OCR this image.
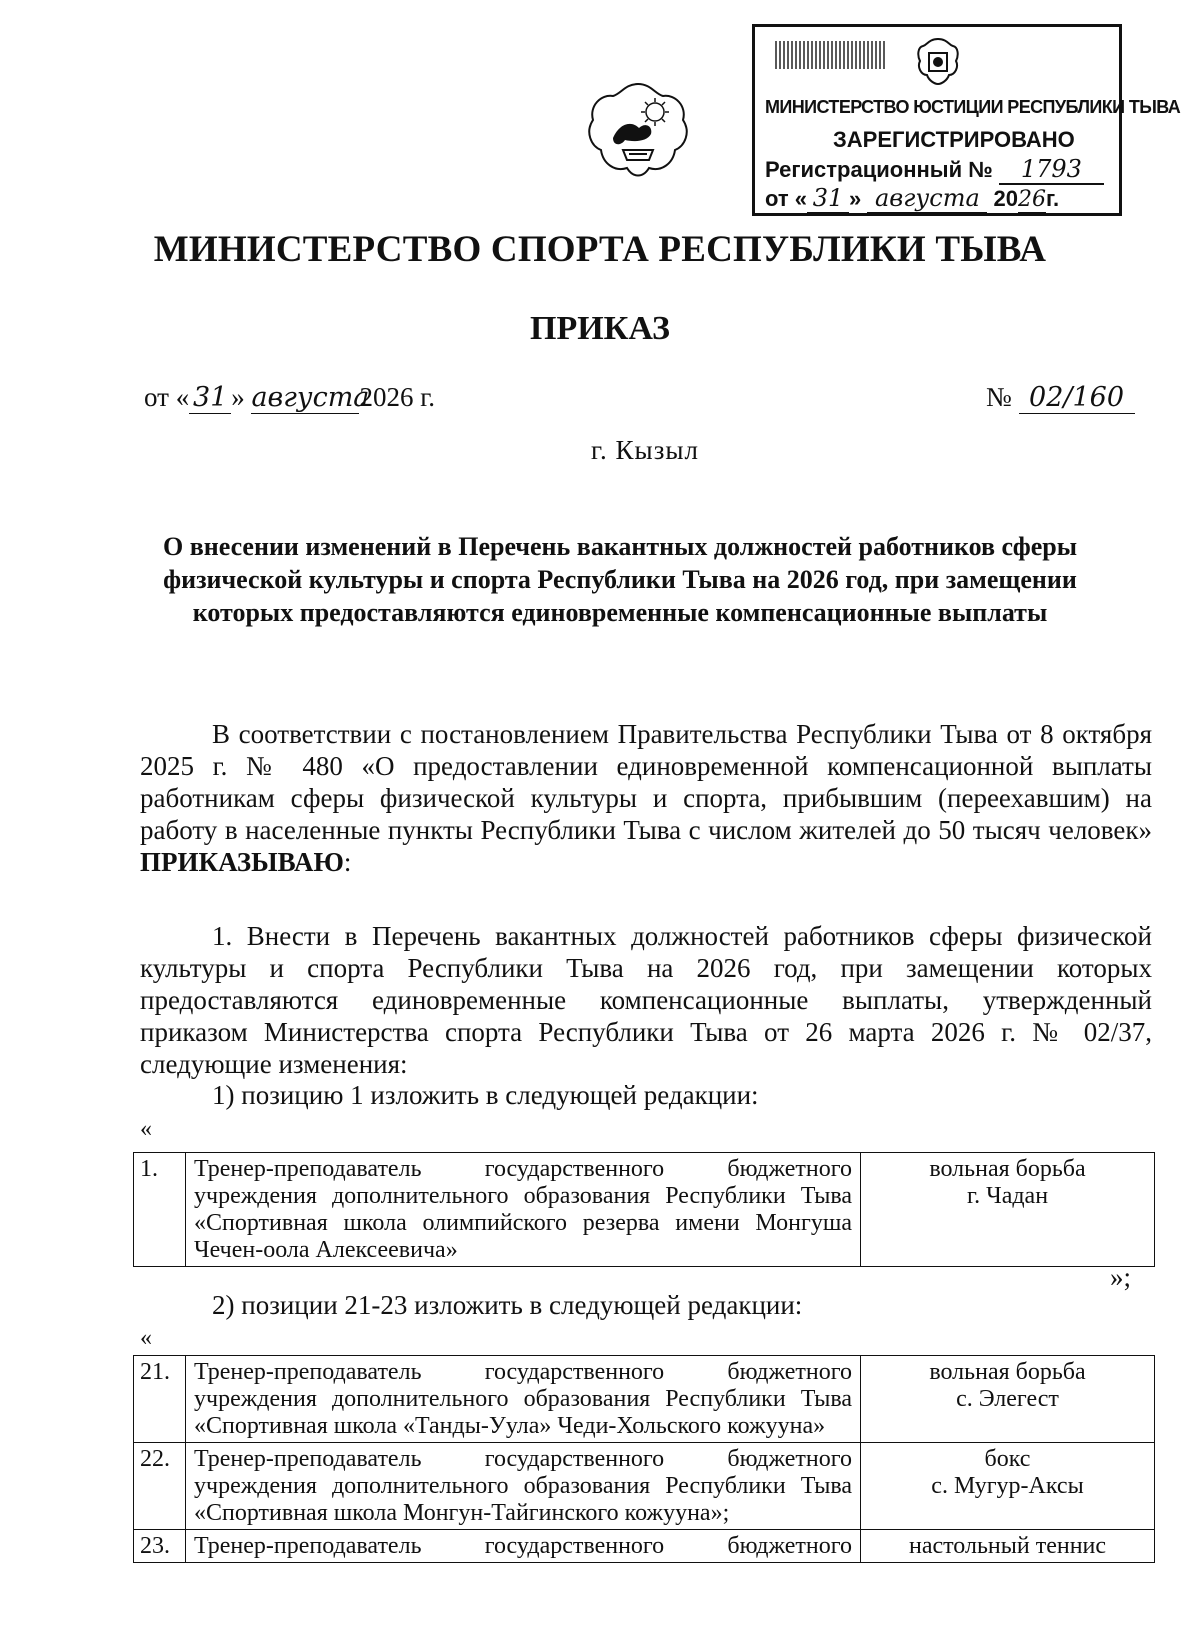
МИНИСТЕРСТВО ЮСТИЦИИ РЕСПУБЛИКИ ТЫВА
ЗАРЕГИСТРИРОВАНО
Регистрационный № 1793
от « 31 » августа 2026г.
МИНИСТЕРСТВО СПОРТА РЕСПУБЛИКИ ТЫВА
ПРИКАЗ
от « 31 » августа2026 г.	№ 02/160
г. Кызыл
О внесении изменений в Перечень вакантных должностей работников сферы физической культуры и спорта Республики Тыва на 2026 год, при замещении которых предоставляются единовременные компенсационные выплаты
В соответствии с постановлением Правительства Республики Тыва от 8 октября 2025 г. № 480 «О предоставлении единовременной компенсационной выплаты работникам сферы физической культуры и спорта, прибывшим (переехавшим) на работу в населенные пункты Республики Тыва с числом жителей до 50 тысяч человек» ПРИКАЗЫВАЮ:
1. Внести в Перечень вакантных должностей работников сферы физической культуры и спорта Республики Тыва на 2026 год, при замещении которых предоставляются единовременные компенсационные выплаты, утвержденный приказом Министерства спорта Республики Тыва от 26 марта 2026 г. № 02/37, следующие изменения:
1) позицию 1 изложить в следующей редакции:
«
1.	Тренер-преподаватель государственного бюджетного учреждения дополнительного образования Республики Тыва «Спортивная школа олимпийского резерва имени Монгуша Чечен-оола Алексеевича»	
вольная борьба
г. Чадан
»;
2) позиции 21-23 изложить в следующей редакции:
«
21.	Тренер-преподаватель государственного бюджетного учреждения дополнительного образования Республики Тыва «Спортивная школа «Танды-Уула» Чеди-Хольского кожууна»	вольная борьба
с. Элегест

22.	Тренер-преподаватель государственного бюджетного учреждения дополнительного образования Республики Тыва «Спортивная школа Монгун-Тайгинского кожууна»;	бокс
с. Мугур-Аксы

23.	Тренер-преподаватель государственного бюджетного	настольный теннис
